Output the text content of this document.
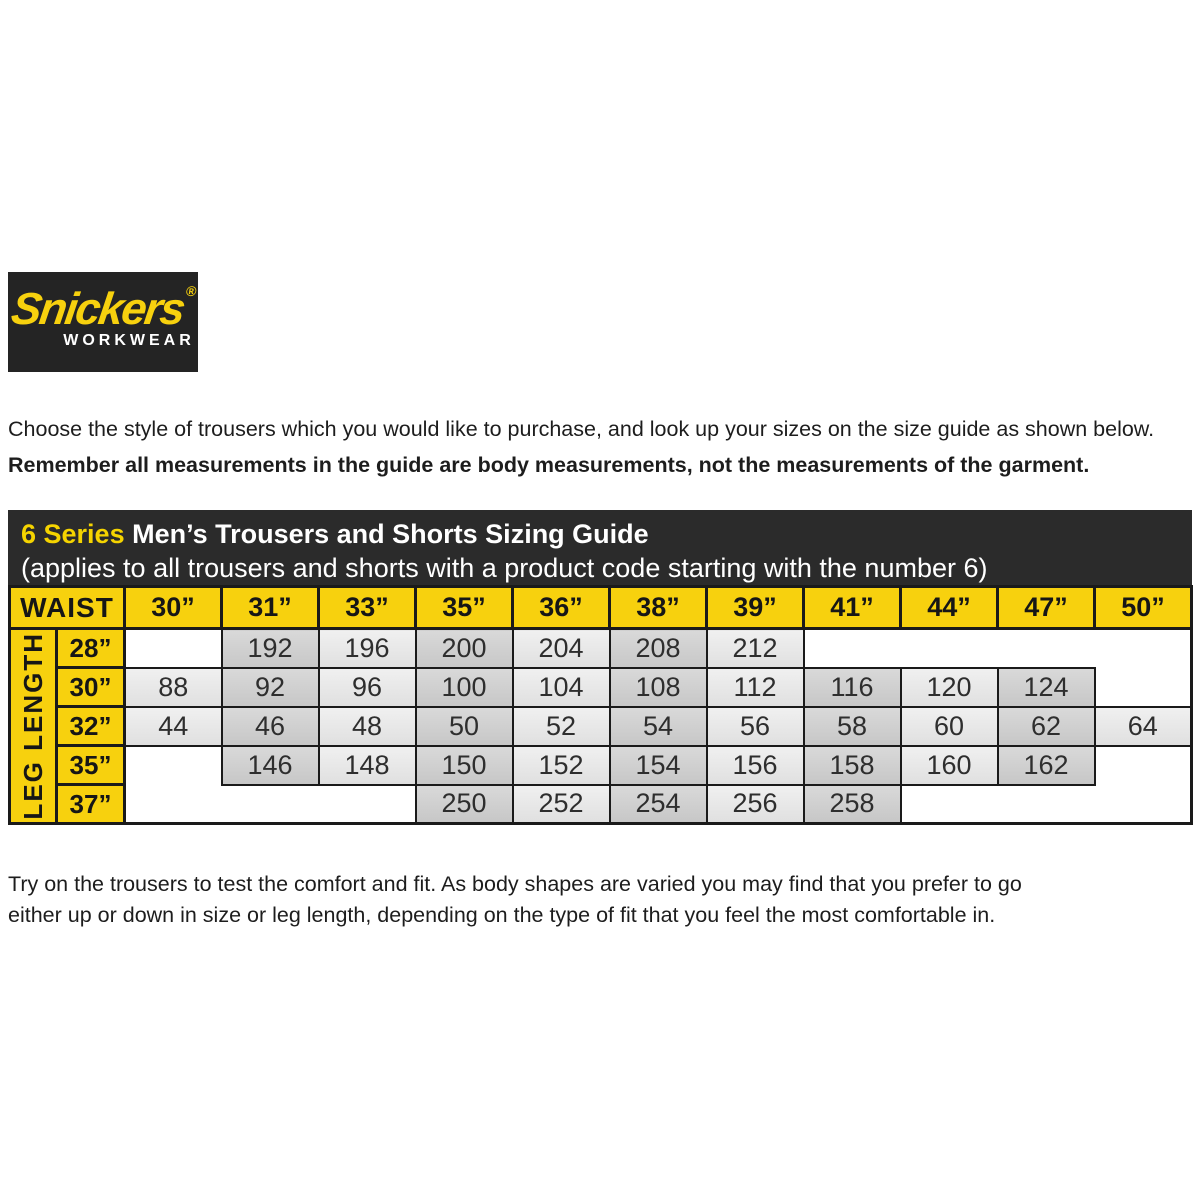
Snickers®
WORKWEAR
Choose the style of trousers which you would like to purchase, and look up your sizes on the size guide as shown below.
Remember all measurements in the guide are body measurements, not the measurements of the garment.
6 Series Men’s Trousers and Shorts Sizing Guide
(applies to all trousers and shorts with a product code starting with the number 6)
WAIST		30”	31”	33”	35”	36”	38”	39”	41”	44”	47”	50”

LEG LENGTH	28”		192	196	200	204	208	212				
	30”	88	92	96	100	104	108	112	116	120	124	
	32”	44	46	48	50	52	54	56	58	60	62	64
	35”		146	148	150	152	154	156	158	160	162	
	37”				250	252	254	256	258			
Try on the trousers to test the comfort and fit. As body shapes are varied you may find that you prefer to go
either up or down in size or leg length, depending on the type of fit that you feel the most comfortable in.
